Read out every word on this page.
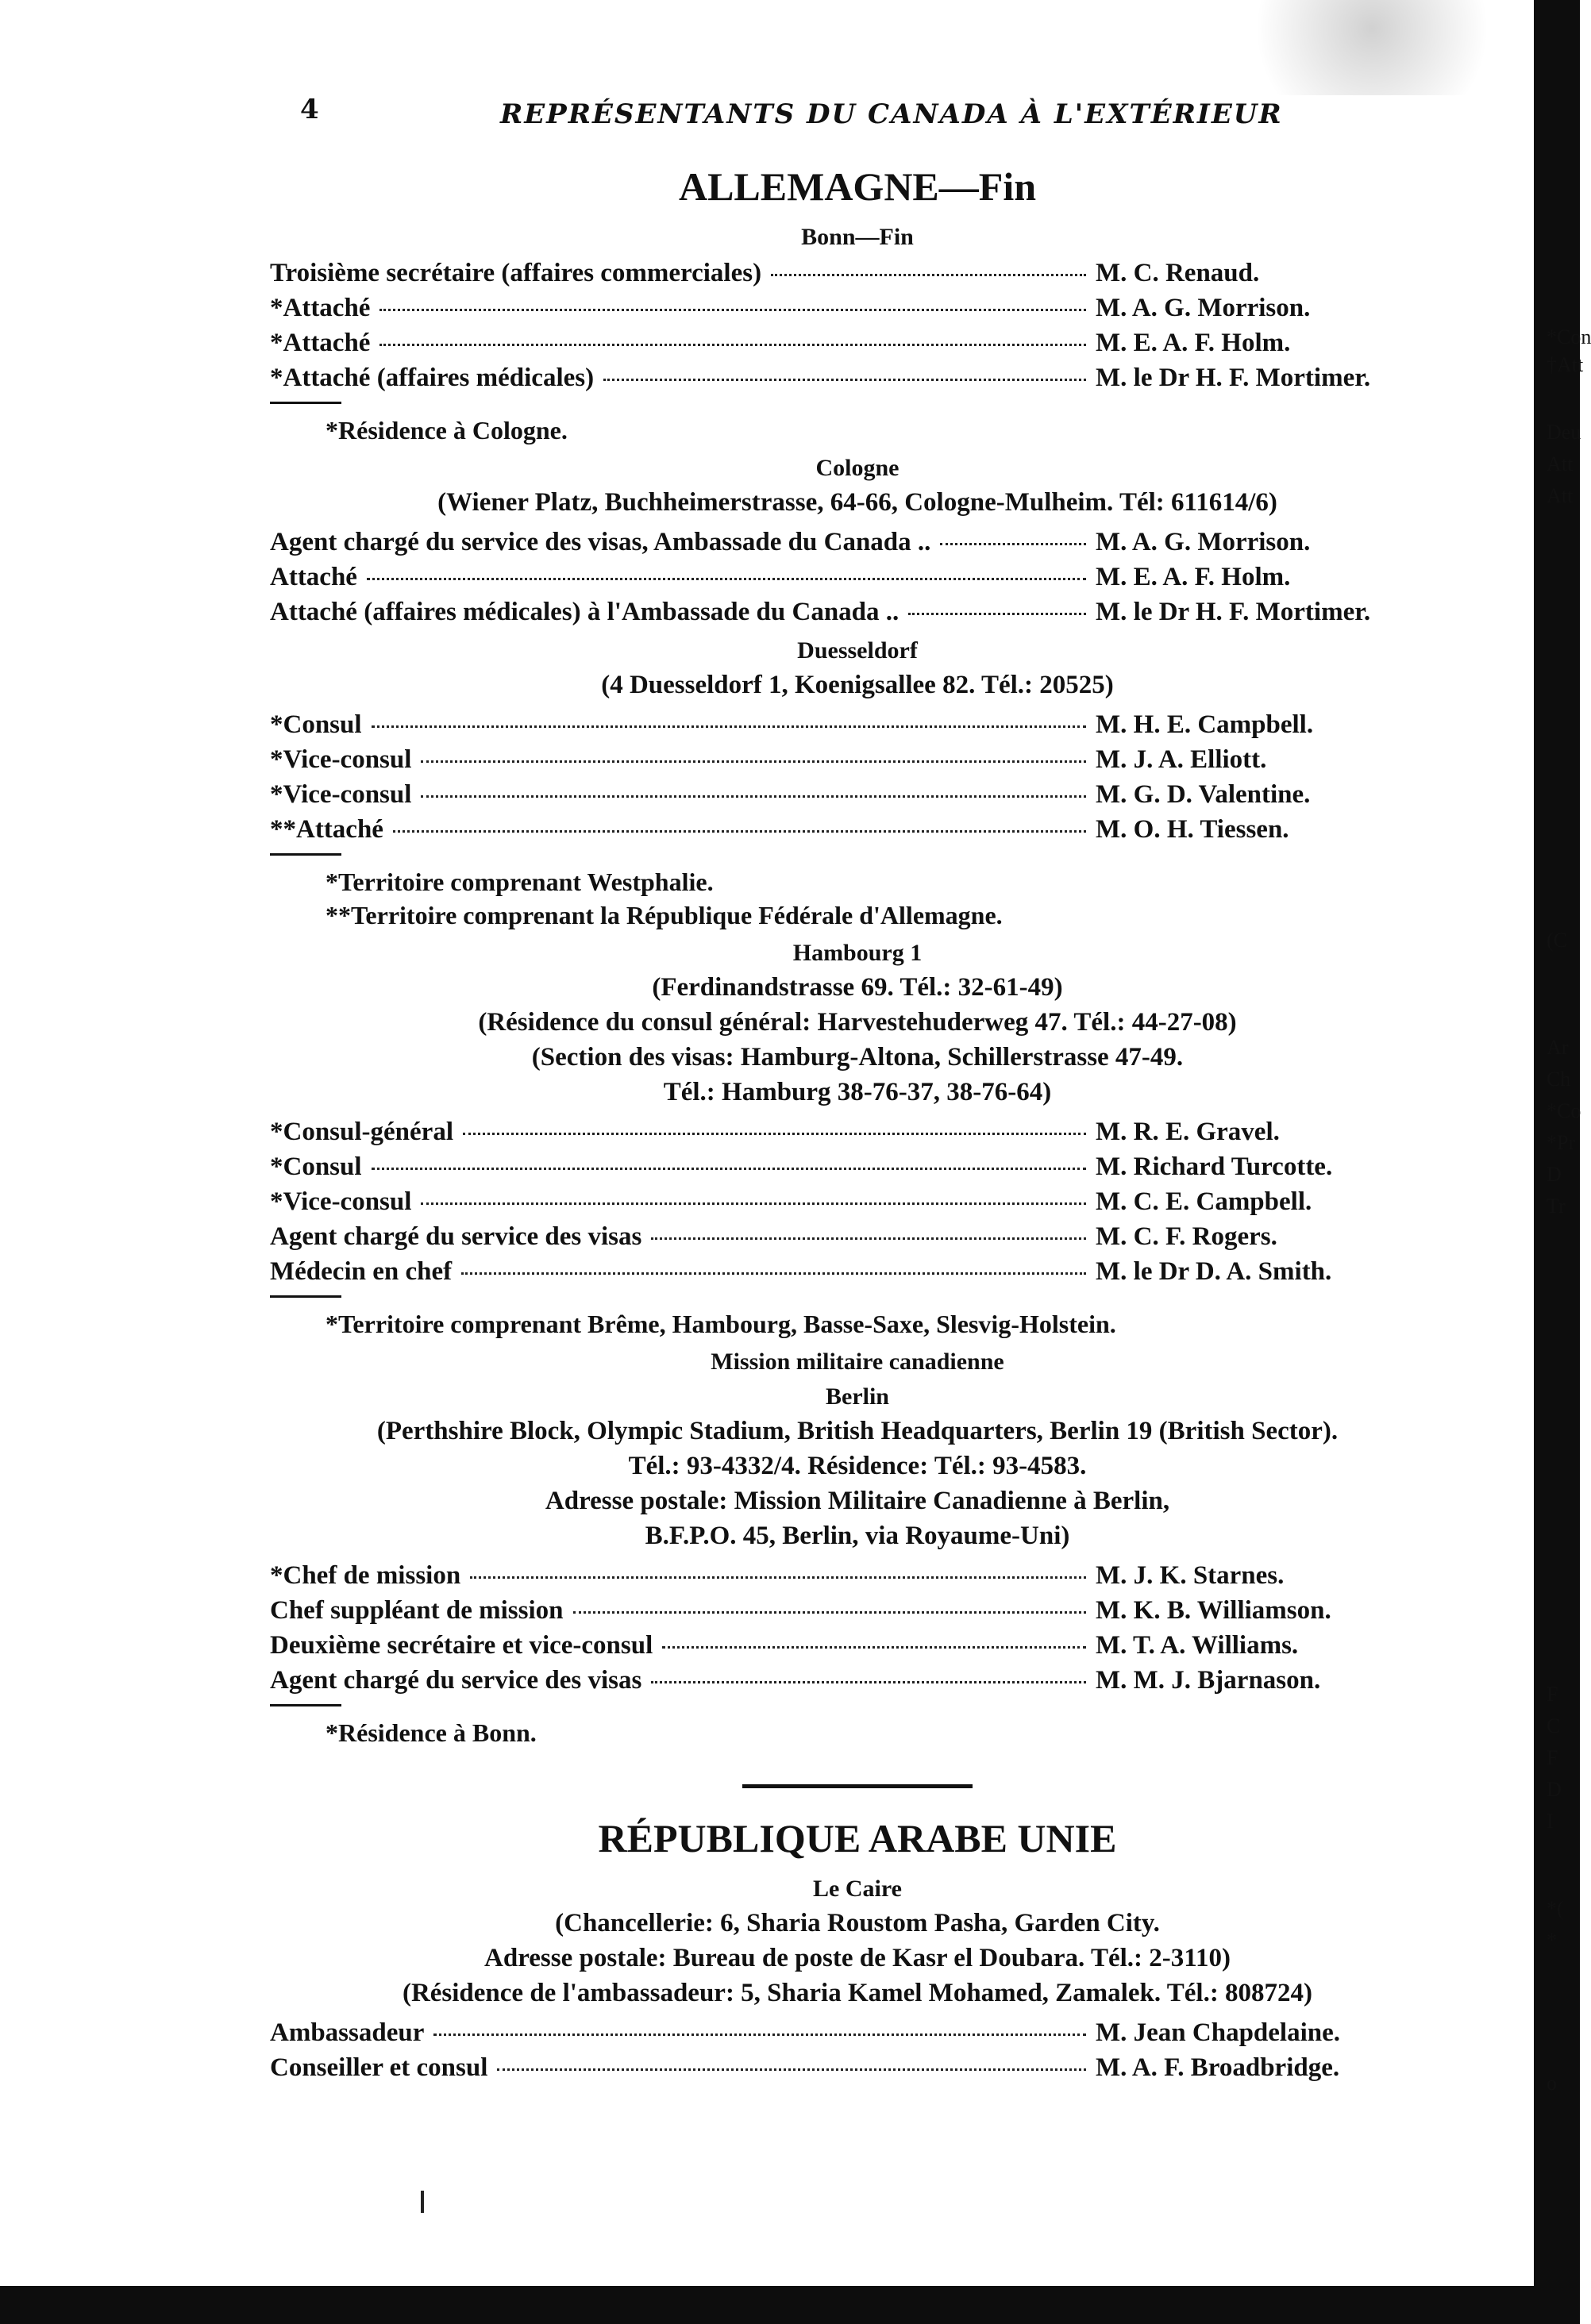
4	REPRÉSENTANTS DU CANADA À L'EXTÉRIEUR
ALLEMAGNE—Fin
Bonn—Fin
Troisième secrétaire (affaires commerciales)	M. C. Renaud.
*Attaché	M. A. G. Morrison.
*Attaché	M. E. A. F. Holm.
*Attaché (affaires médicales)	M. le Dr H. F. Mortimer.
*Résidence à Cologne.
Cologne
(Wiener Platz, Buchheimerstrasse, 64-66, Cologne-Mulheim. Tél: 611614/6)
Agent chargé du service des visas, Ambassade du Canada ..	M. A. G. Morrison.
Attaché	M. E. A. F. Holm.
Attaché (affaires médicales) à l'Ambassade du Canada ..	M. le Dr H. F. Mortimer.
Duesseldorf
(4 Duesseldorf 1, Koenigsallee 82. Tél.: 20525)
*Consul	M. H. E. Campbell.
*Vice-consul	M. J. A. Elliott.
*Vice-consul	M. G. D. Valentine.
**Attaché	M. O. H. Tiessen.
*Territoire comprenant Westphalie.
**Territoire comprenant la République Fédérale d'Allemagne.
Hambourg 1
(Ferdinandstrasse 69. Tél.: 32-61-49)
(Résidence du consul général: Harvestehuderweg 47. Tél.: 44-27-08)
(Section des visas: Hamburg-Altona, Schillerstrasse 47-49.
Tél.: Hamburg 38-76-37, 38-76-64)
*Consul-général	M. R. E. Gravel.
*Consul	M. Richard Turcotte.
*Vice-consul	M. C. E. Campbell.
Agent chargé du service des visas	M. C. F. Rogers.
Médecin en chef	M. le Dr D. A. Smith.
*Territoire comprenant Brême, Hambourg, Basse-Saxe, Slesvig-Holstein.
Mission militaire canadienne
Berlin
(Perthshire Block, Olympic Stadium, British Headquarters, Berlin 19 (British Sector).
Tél.: 93-4332/4. Résidence: Tél.: 93-4583.
Adresse postale: Mission Militaire Canadienne à Berlin,
B.F.P.O. 45, Berlin, via Royaume-Uni)
*Chef de mission	M. J. K. Starnes.
Chef suppléant de mission	M. K. B. Williamson.
Deuxième secrétaire et vice-consul	M. T. A. Williams.
Agent chargé du service des visas	M. M. J. Bjarnason.
*Résidence à Bonn.
RÉPUBLIQUE ARABE UNIE
Le Caire
(Chancellerie: 6, Sharia Roustom Pasha, Garden City.
Adresse postale: Bureau de poste de Kasr el Doubara. Tél.: 2-3110)
(Résidence de l'ambassadeur: 5, Sharia Kamel Mohamed, Zamalek. Tél.: 808724)
Ambassadeur	M. Jean Chapdelaine.
Conseiller et consul	M. A. F. Broadbridge.
*Con
†Att
Deu
Att
Att
(C
Ar
Ch
*Co
*Pr
D
Tr
F
C
F
D
I
*(
*
o
